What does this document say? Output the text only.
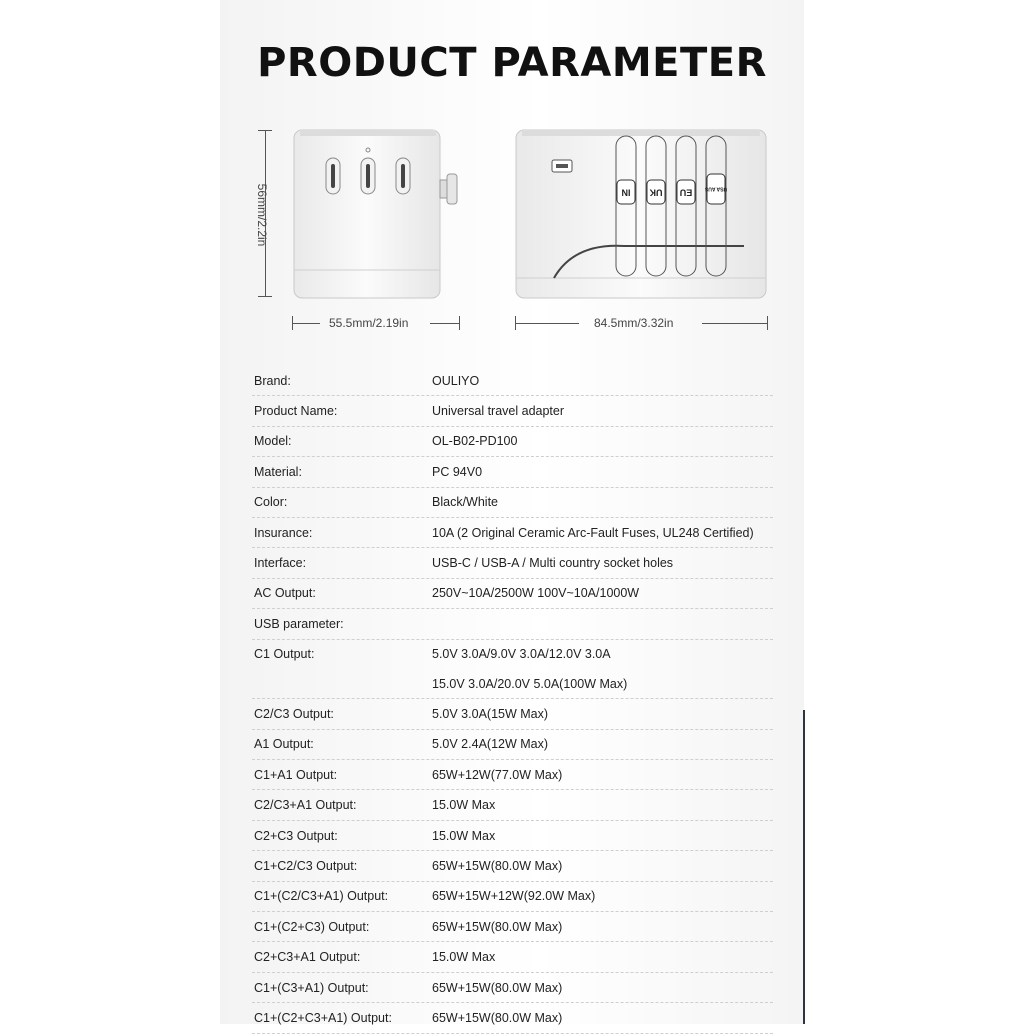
PRODUCT PARAMETER
56mm/2.2in	IN UK EU	USA AUS
55.5mm/2.19in	84.5mm/3.32in
Brand:	OULIYO
Product Name:	Universal travel adapter
Model:	OL-B02-PD100
Material:	PC 94V0
Color:	Black/White
Insurance:	10A (2 Original Ceramic Arc-Fault Fuses, UL248 Certified)
Interface:	USB-C / USB-A / Multi country socket holes
AC Output:	250V~10A/2500W 100V~10A/1000W
USB parameter:
C1 Output:	5.0V 3.0A/9.0V 3.0A/12.0V 3.0A
15.0V 3.0A/20.0V 5.0A(100W Max)
C2/C3 Output:	5.0V 3.0A(15W Max)
A1 Output:	5.0V 2.4A(12W Max)
C1+A1 Output:	65W+12W(77.0W Max)
C2/C3+A1 Output:	15.0W Max
C2+C3 Output:	15.0W Max
C1+C2/C3 Output:	65W+15W(80.0W Max)
C1+(C2/C3+A1) Output:	65W+15W+12W(92.0W Max)
C1+(C2+C3) Output:	65W+15W(80.0W Max)
C2+C3+A1 Output:	15.0W Max
C1+(C3+A1) Output:	65W+15W(80.0W Max)
C1+(C2+C3+A1) Output:	65W+15W(80.0W Max)
